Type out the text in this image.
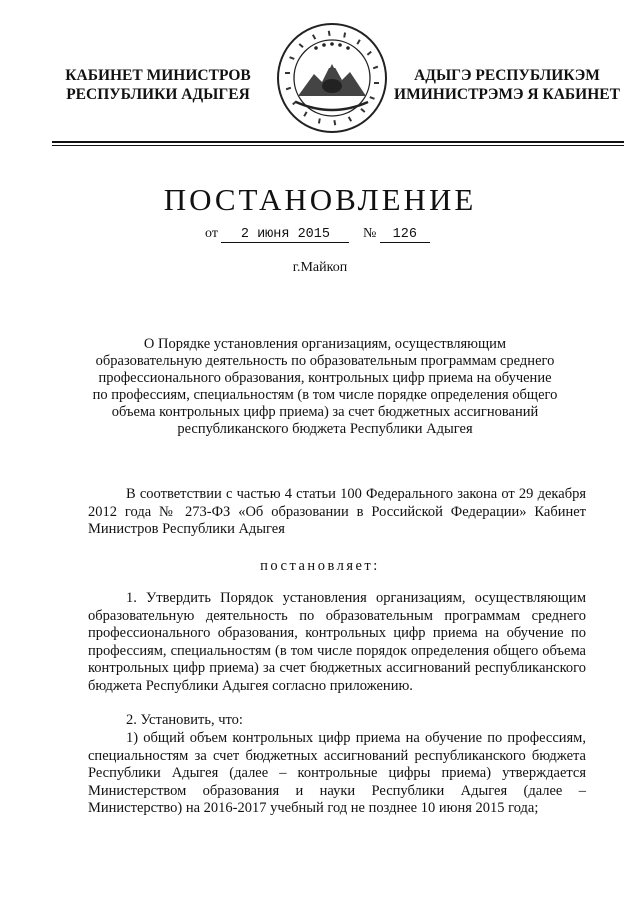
КАБИНЕТ МИНИСТРОВ
РЕСПУБЛИКИ АДЫГЕЯ
АДЫГЭ РЕСПУБЛИКЭМ
ИМИНИСТРЭМЭ Я КАБИНЕТ
ПОСТАНОВЛЕНИЕ
от 2 июня 2015 № 126
г.Майкоп
О Порядке установления организациям, осуществляющим образовательную деятельность по образовательным программам среднего профессионального образования, контрольных цифр приема на обучение по профессиям, специальностям (в том числе порядке определения общего объема контрольных цифр приема) за счет бюджетных ассигнований республиканского бюджета Республики Адыгея
В соответствии с частью 4 статьи 100 Федерального закона от 29 декабря 2012 года № 273-ФЗ «Об образовании в Российской Федерации» Кабинет Министров Республики Адыгея
постановляет:
1. Утвердить Порядок установления организациям, осуществляющим образовательную деятельность по образовательным программам среднего профессионального образования, контрольных цифр приема на обучение по профессиям, специальностям (в том числе порядок определения общего объема контрольных цифр приема) за счет бюджетных ассигнований республиканского бюджета Республики Адыгея согласно приложению.
2. Установить, что:
1) общий объем контрольных цифр приема на обучение по профессиям, специальностям за счет бюджетных ассигнований республиканского бюджета Республики Адыгея (далее – контрольные цифры приема) утверждается Министерством образования и науки Республики Адыгея (далее – Министерство) на 2016-2017 учебный год не позднее 10 июня 2015 года;
